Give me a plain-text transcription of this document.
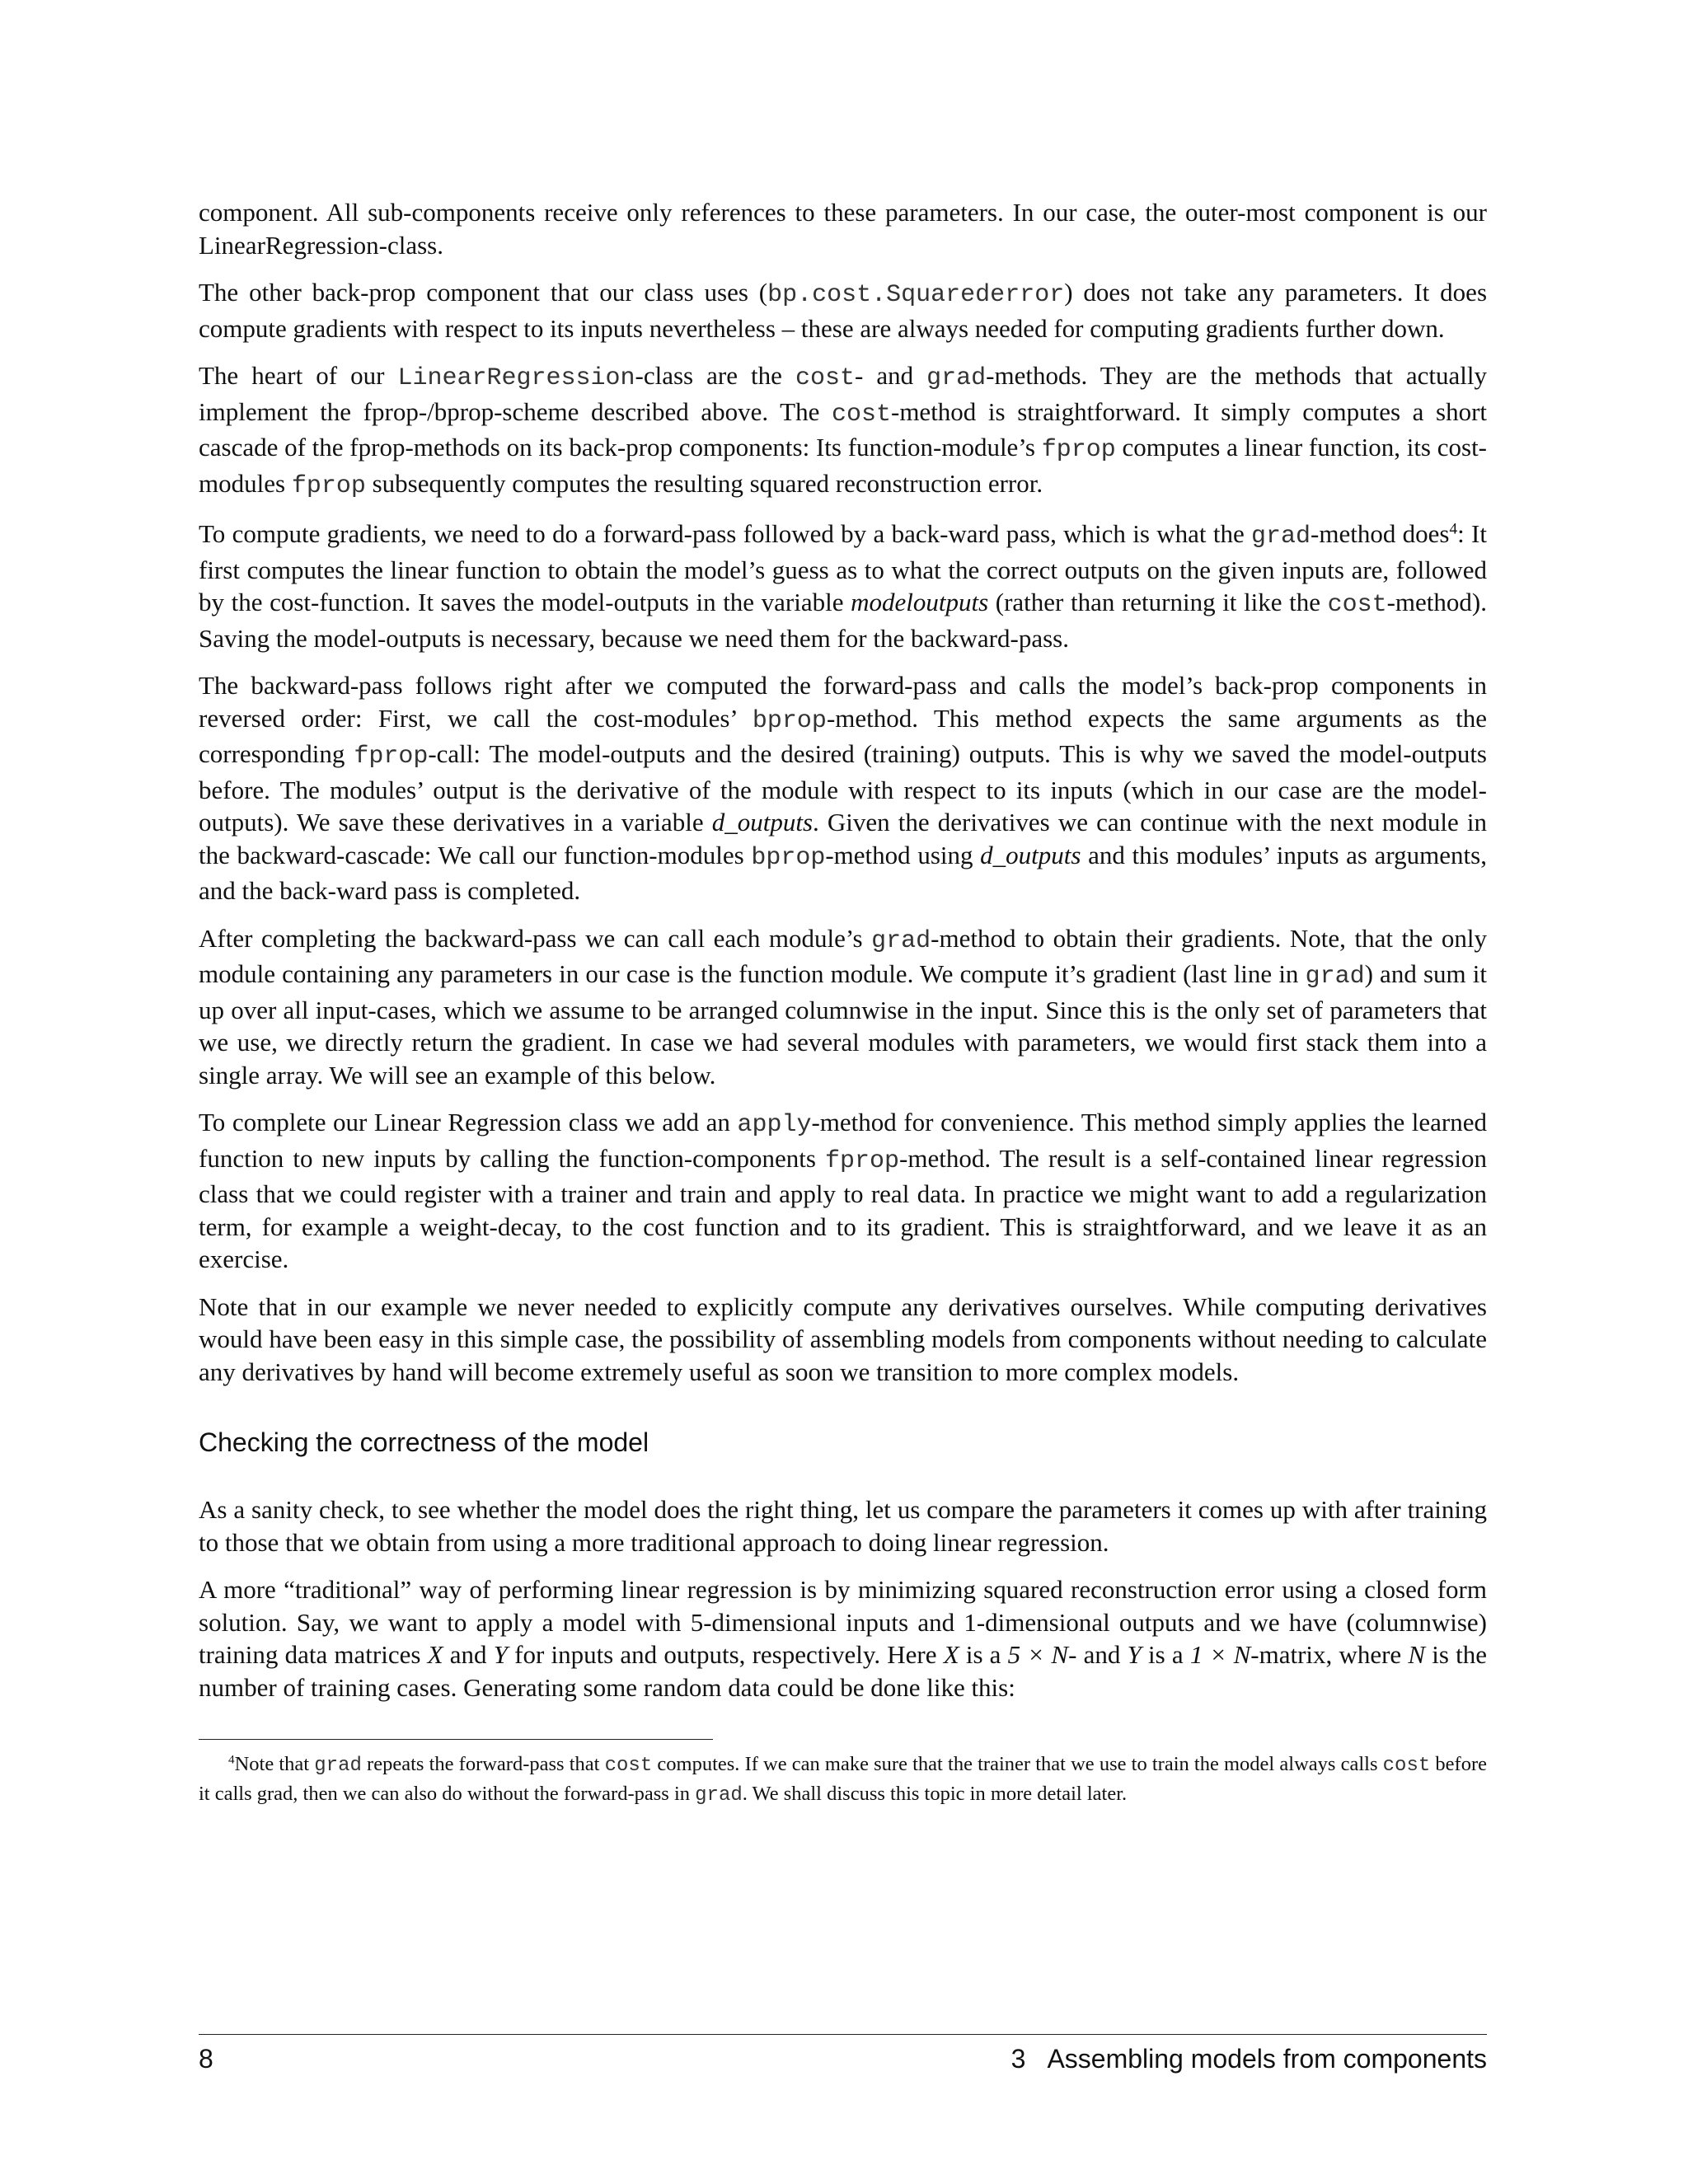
component. All sub-components receive only references to these parameters. In our case, the outer-most component is our LinearRegression-class.

The other back-prop component that our class uses (bp.cost.Squarederror) does not take any parameters. It does compute gradients with respect to its inputs nevertheless – these are always needed for computing gradients further down.

The heart of our LinearRegression-class are the cost- and grad-methods. They are the methods that actually implement the fprop-/bprop-scheme described above. The cost-method is straightforward. It simply computes a short cascade of the fprop-methods on its back-prop components: Its function-module’s fprop computes a linear function, its cost-modules fprop subsequently computes the resulting squared reconstruction error.

To compute gradients, we need to do a forward-pass followed by a back-ward pass, which is what the grad-method does$^4$: It first computes the linear function to obtain the model’s guess as to what the correct outputs on the given inputs are, followed by the cost-function. It saves the model-outputs in the variable modeloutputs (rather than returning it like the cost-method). Saving the model-outputs is necessary, because we need them for the backward-pass.

The backward-pass follows right after we computed the forward-pass and calls the model’s back-prop components in reversed order: First, we call the cost-modules’ bprop-method. This method expects the same arguments as the corresponding fprop-call: The model-outputs and the desired (training) outputs. This is why we saved the model-outputs before. The modules’ output is the derivative of the module with respect to its inputs (which in our case are the model-outputs). We save these derivatives in a variable d_outputs. Given the derivatives we can continue with the next module in the backward-cascade: We call our function-modules bprop-method using d_outputs and this modules’ inputs as arguments, and the back-ward pass is completed.

After completing the backward-pass we can call each module’s grad-method to obtain their gradients. Note, that the only module containing any parameters in our case is the function module. We compute it’s gradient (last line in grad) and sum it up over all input-cases, which we assume to be arranged columnwise in the input. Since this is the only set of parameters that we use, we directly return the gradient. In case we had several modules with parameters, we would first stack them into a single array. We will see an example of this below.

To complete our Linear Regression class we add an apply-method for convenience. This method simply applies the learned function to new inputs by calling the function-components fprop-method. The result is a self-contained linear regression class that we could register with a trainer and train and apply to real data. In practice we might want to add a regularization term, for example a weight-decay, to the cost function and to its gradient. This is straightforward, and we leave it as an exercise.

Note that in our example we never needed to explicitly compute any derivatives ourselves. While computing derivatives would have been easy in this simple case, the possibility of assembling models from components without needing to calculate any derivatives by hand will become extremely useful as soon we transition to more complex models.

Checking the correctness of the model

As a sanity check, to see whether the model does the right thing, let us compare the parameters it comes up with after training to those that we obtain from using a more traditional approach to doing linear regression.

A more “traditional” way of performing linear regression is by minimizing squared reconstruction error using a closed form solution. Say, we want to apply a model with 5-dimensional inputs and 1-dimensional outputs and we have (columnwise) training data matrices X and Y for inputs and outputs, respectively. Here X is a 5 × N- and Y is a 1 × N-matrix, where N is the number of training cases. Generating some random data could be done like this:

$^4$Note that grad repeats the forward-pass that cost computes. If we can make sure that the trainer that we use to train the model always calls cost before it calls grad, then we can also do without the forward-pass in grad. We shall discuss this topic in more detail later.
8	3 Assembling models from components
